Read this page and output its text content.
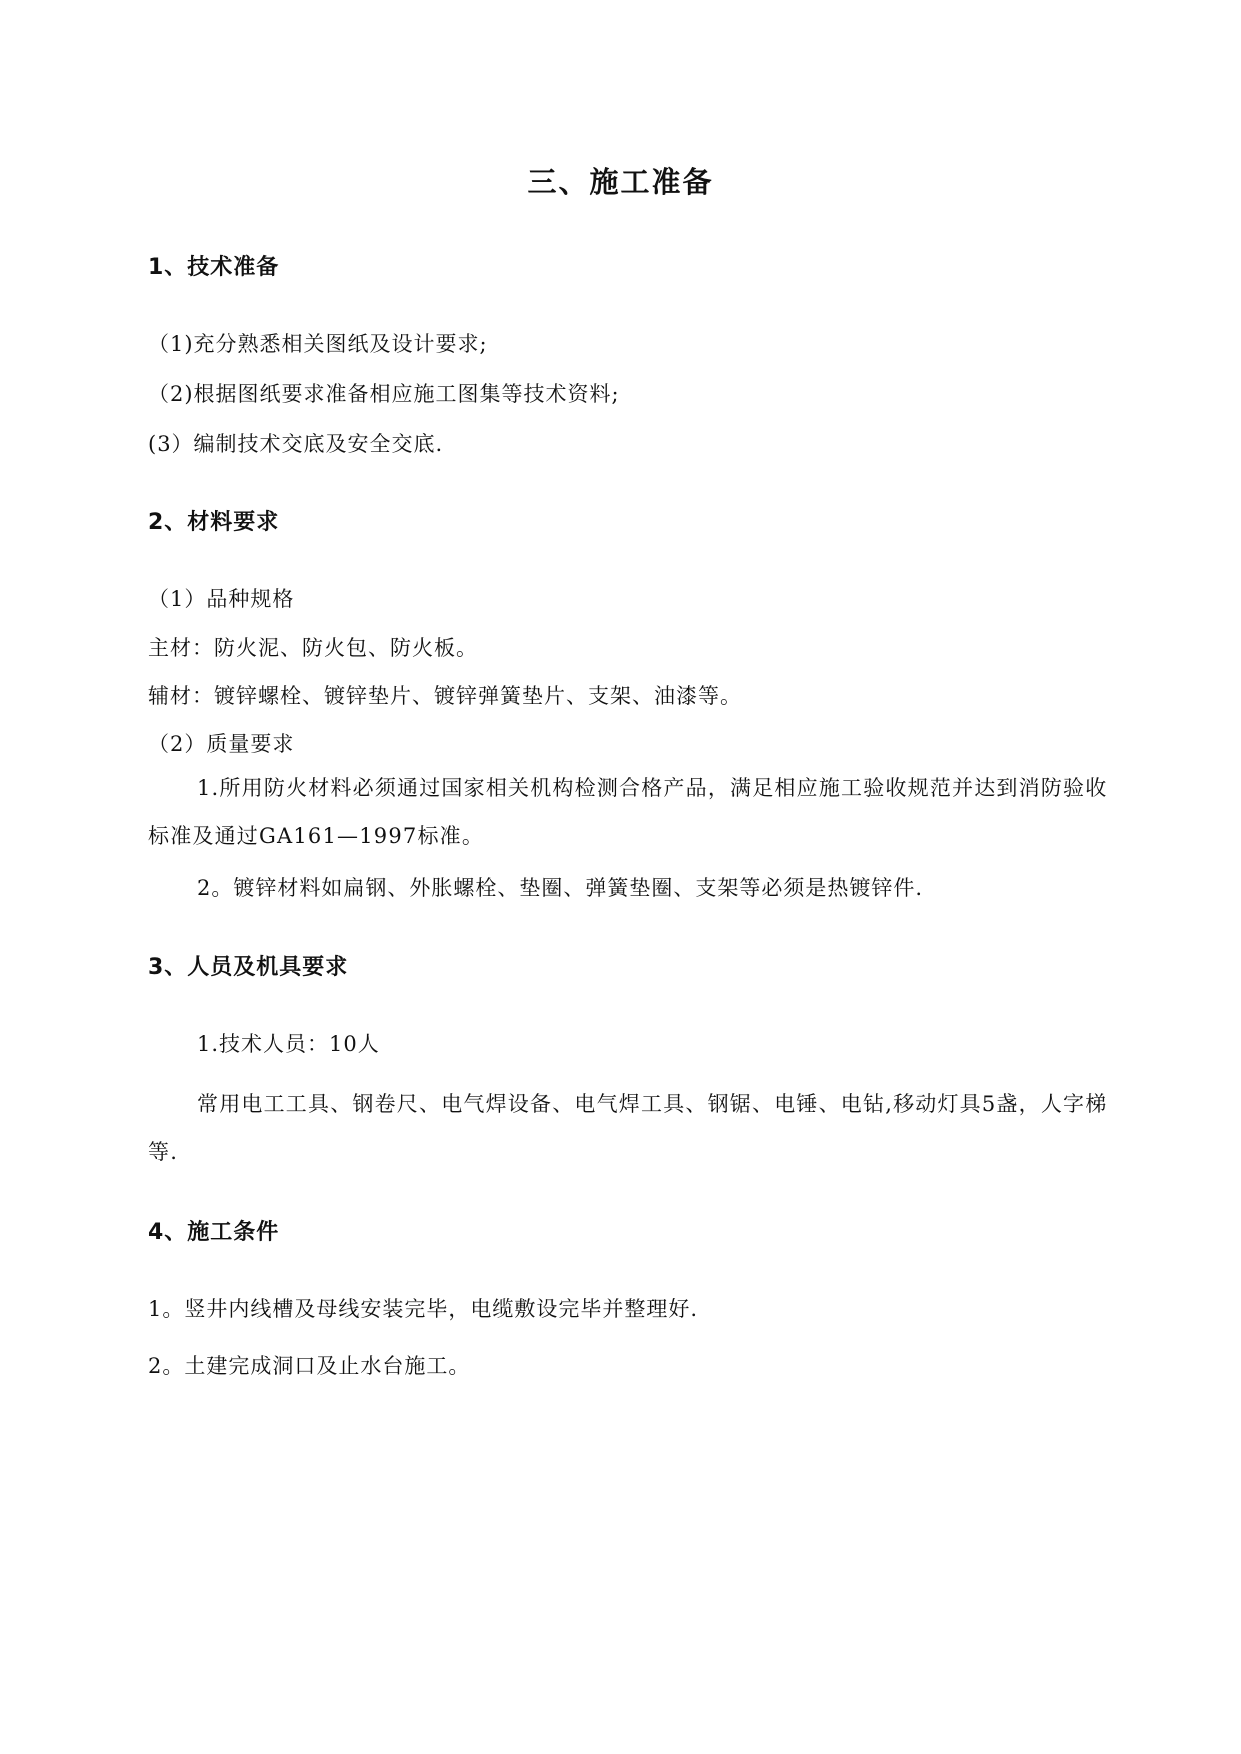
三、施工准备
1、技术准备
（1)充分熟悉相关图纸及设计要求;
（2)根据图纸要求准备相应施工图集等技术资料;
(3）编制技术交底及安全交底.
2、材料要求
（1）品种规格
主材：防火泥、防火包、防火板。
辅材：镀锌螺栓、镀锌垫片、镀锌弹簧垫片、支架、油漆等。
（2）质量要求
1.所用防火材料必须通过国家相关机构检测合格产品，满足相应施工验收规范并达到消防验收标准及通过GA161—1997标准。
2。镀锌材料如扁钢、外胀螺栓、垫圈、弹簧垫圈、支架等必须是热镀锌件.
3、人员及机具要求
1.技术人员：10人
常用电工工具、钢卷尺、电气焊设备、电气焊工具、钢锯、电锤、电钻,移动灯具5盏，人字梯等.
4、施工条件
1。竖井内线槽及母线安装完毕，电缆敷设完毕并整理好.
2。土建完成洞口及止水台施工。
